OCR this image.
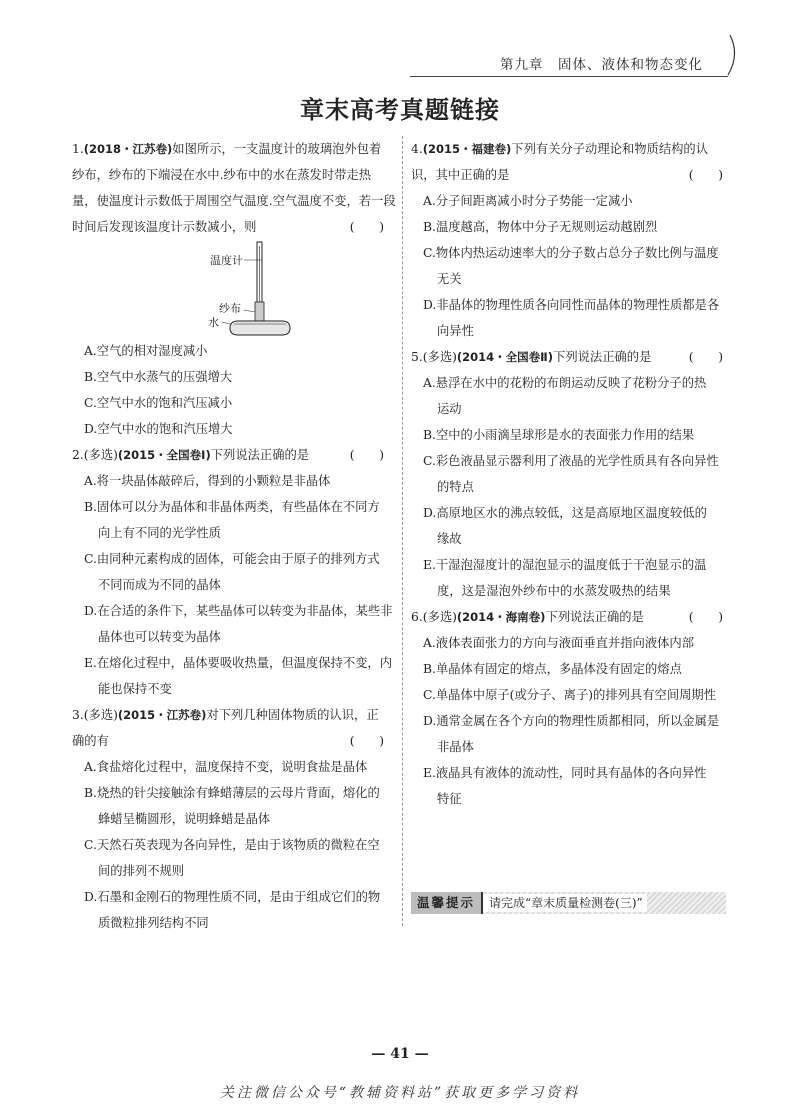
第九章　固体、液体和物态变化
章末高考真题链接
1.(2018・江苏卷)如图所示，一支温度计的玻璃泡外包着
纱布，纱布的下端浸在水中.纱布中的水在蒸发时带走热
量，使温度计示数低于周围空气温度.空气温度不变，若一段
时间后发现该温度计示数减小，则	(　　)
温度计
纱布
水
A.空气的相对湿度减小
B.空气中水蒸气的压强增大
C.空气中水的饱和汽压减小
D.空气中水的饱和汽压增大
2.(多选)(2015・全国卷Ⅰ)下列说法正确的是	(　　)
A.将一块晶体敲碎后，得到的小颗粒是非晶体
B.固体可以分为晶体和非晶体两类，有些晶体在不同方
向上有不同的光学性质
C.由同种元素构成的固体，可能会由于原子的排列方式
不同而成为不同的晶体
D.在合适的条件下，某些晶体可以转变为非晶体，某些非
晶体也可以转变为晶体
E.在熔化过程中，晶体要吸收热量，但温度保持不变，内
能也保持不变
3.(多选)(2015・江苏卷)对下列几种固体物质的认识，正
确的有	(　　)
A.食盐熔化过程中，温度保持不变，说明食盐是晶体
B.烧热的针尖接触涂有蜂蜡薄层的云母片背面，熔化的
蜂蜡呈椭圆形，说明蜂蜡是晶体
C.天然石英表现为各向异性，是由于该物质的微粒在空
间的排列不规则
D.石墨和金刚石的物理性质不同，是由于组成它们的物
质微粒排列结构不同
4.(2015・福建卷)下列有关分子动理论和物质结构的认
识，其中正确的是	(　　)
A.分子间距离减小时分子势能一定减小
B.温度越高，物体中分子无规则运动越剧烈
C.物体内热运动速率大的分子数占总分子数比例与温度
无关
D.非晶体的物理性质各向同性而晶体的物理性质都是各
向异性
5.(多选)(2014・全国卷Ⅱ)下列说法正确的是	(　　)
A.悬浮在水中的花粉的布朗运动反映了花粉分子的热
运动
B.空中的小雨滴呈球形是水的表面张力作用的结果
C.彩色液晶显示器利用了液晶的光学性质具有各向异性
的特点
D.高原地区水的沸点较低，这是高原地区温度较低的
缘故
E.干湿泡湿度计的湿泡显示的温度低于干泡显示的温
度，这是湿泡外纱布中的水蒸发吸热的结果
6.(多选)(2014・海南卷)下列说法正确的是	(　　)
A.液体表面张力的方向与液面垂直并指向液体内部
B.单晶体有固定的熔点，多晶体没有固定的熔点
C.单晶体中原子(或分子、离子)的排列具有空间周期性
D.通常金属在各个方向的物理性质都相同，所以金属是
非晶体
E.液晶具有液体的流动性，同时具有晶体的各向异性
特征
温馨提示	请完成“章末质量检测卷(三)”
— 41 —
关注微信公众号“教辅资料站”获取更多学习资料
